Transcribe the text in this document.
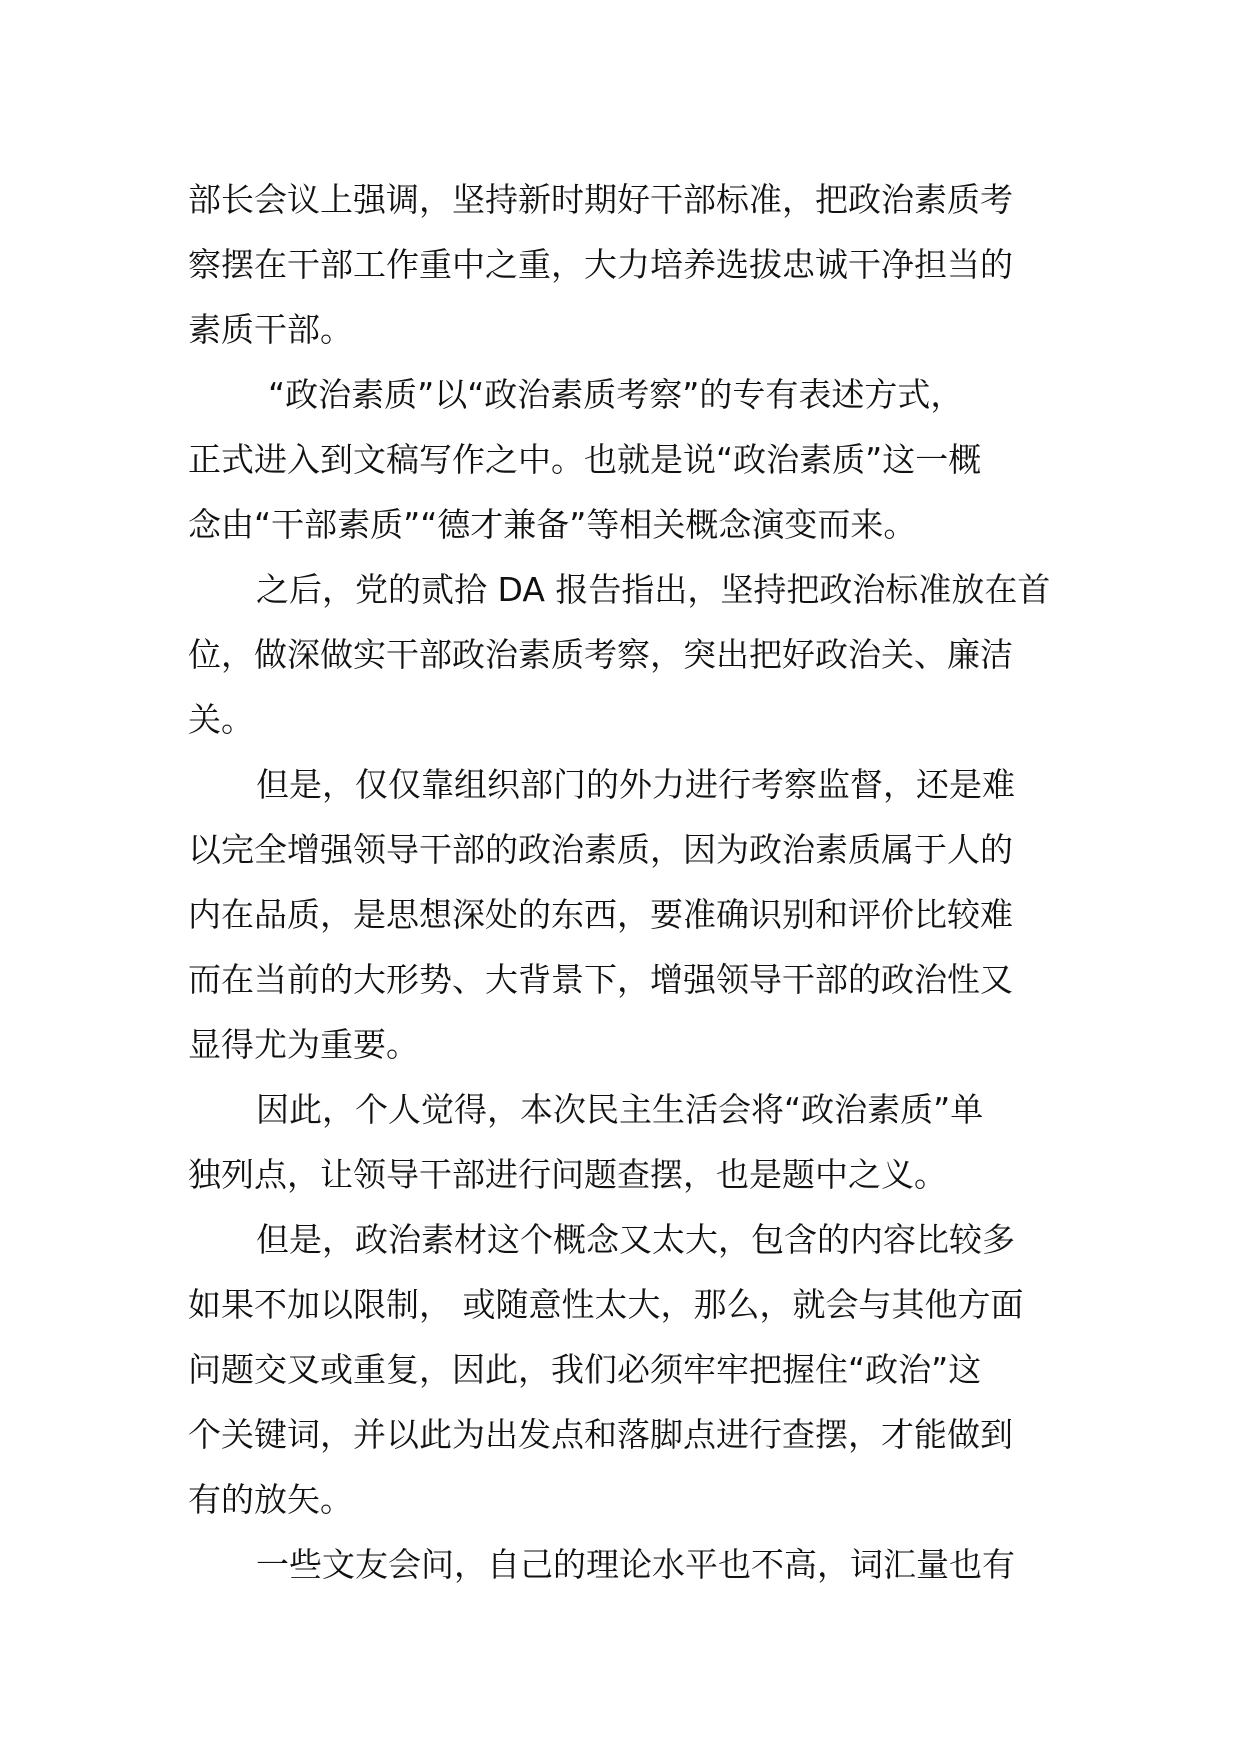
部长会议上强调，坚持新时期好干部标准，把政治素质考
察摆在干部工作重中之重，大力培养选拔忠诚干净担当的
素质干部。

“政治素质”以“政治素质考察”的专有表述方式，
正式进入到文稿写作之中。也就是说“政治素质”这一概
念由“干部素质”“德才兼备”等相关概念演变而来。

之后，党的贰拾 DA 报告指出，坚持把政治标准放在首
位，做深做实干部政治素质考察，突出把好政治关、廉洁
关。

但是，仅仅靠组织部门的外力进行考察监督，还是难
以完全增强领导干部的政治素质，因为政治素质属于人的
内在品质，是思想深处的东西，要准确识别和评价比较难
而在当前的大形势、大背景下，增强领导干部的政治性又
显得尤为重要。

因此，个人觉得，本次民主生活会将“政治素质”单
独列点，让领导干部进行问题查摆，也是题中之义。

但是，政治素材这个概念又太大，包含的内容比较多
如果不加以限制， 或随意性太大，那么，就会与其他方面
问题交叉或重复，因此，我们必须牢牢把握住“政治”这
个关键词，并以此为出发点和落脚点进行查摆，才能做到
有的放矢。

一些文友会问，自己的理论水平也不高，词汇量也有
